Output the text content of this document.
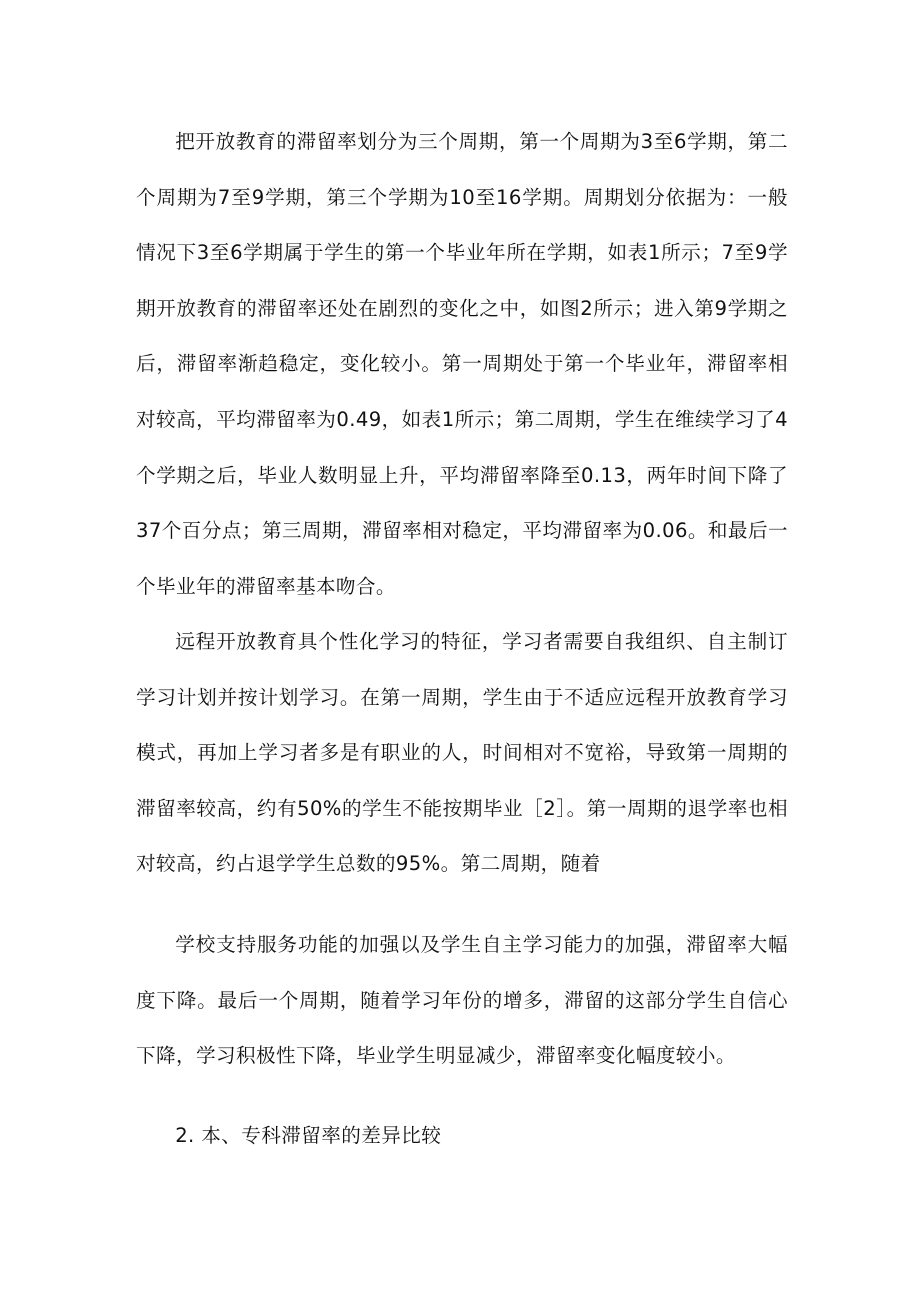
把开放教育的滞留率划分为三个周期，第一个周期为3至6学期，第二个周期为7至9学期，第三个学期为10至16学期。周期划分依据为：一般情况下3至6学期属于学生的第一个毕业年所在学期，如表1所示；7至9学期开放教育的滞留率还处在剧烈的变化之中，如图2所示；进入第9学期之后，滞留率渐趋稳定，变化较小。第一周期处于第一个毕业年，滞留率相对较高，平均滞留率为0.49，如表1所示；第二周期，学生在维续学习了4个学期之后，毕业人数明显上升，平均滞留率降至0.13，两年时间下降了37个百分点；第三周期，滞留率相对稳定，平均滞留率为0.06。和最后一个毕业年的滞留率基本吻合。

远程开放教育具个性化学习的特征，学习者需要自我组织、自主制订学习计划并按计划学习。在第一周期，学生由于不适应远程开放教育学习模式，再加上学习者多是有职业的人，时间相对不宽裕，导致第一周期的滞留率较高，约有50%的学生不能按期毕业［2］。第一周期的退学率也相对较高，约占退学学生总数的95%。第二周期，随着

学校支持服务功能的加强以及学生自主学习能力的加强，滞留率大幅度下降。最后一个周期，随着学习年份的增多，滞留的这部分学生自信心下降，学习积极性下降，毕业学生明显减少，滞留率变化幅度较小。

2. 本、专科滞留率的差异比较
